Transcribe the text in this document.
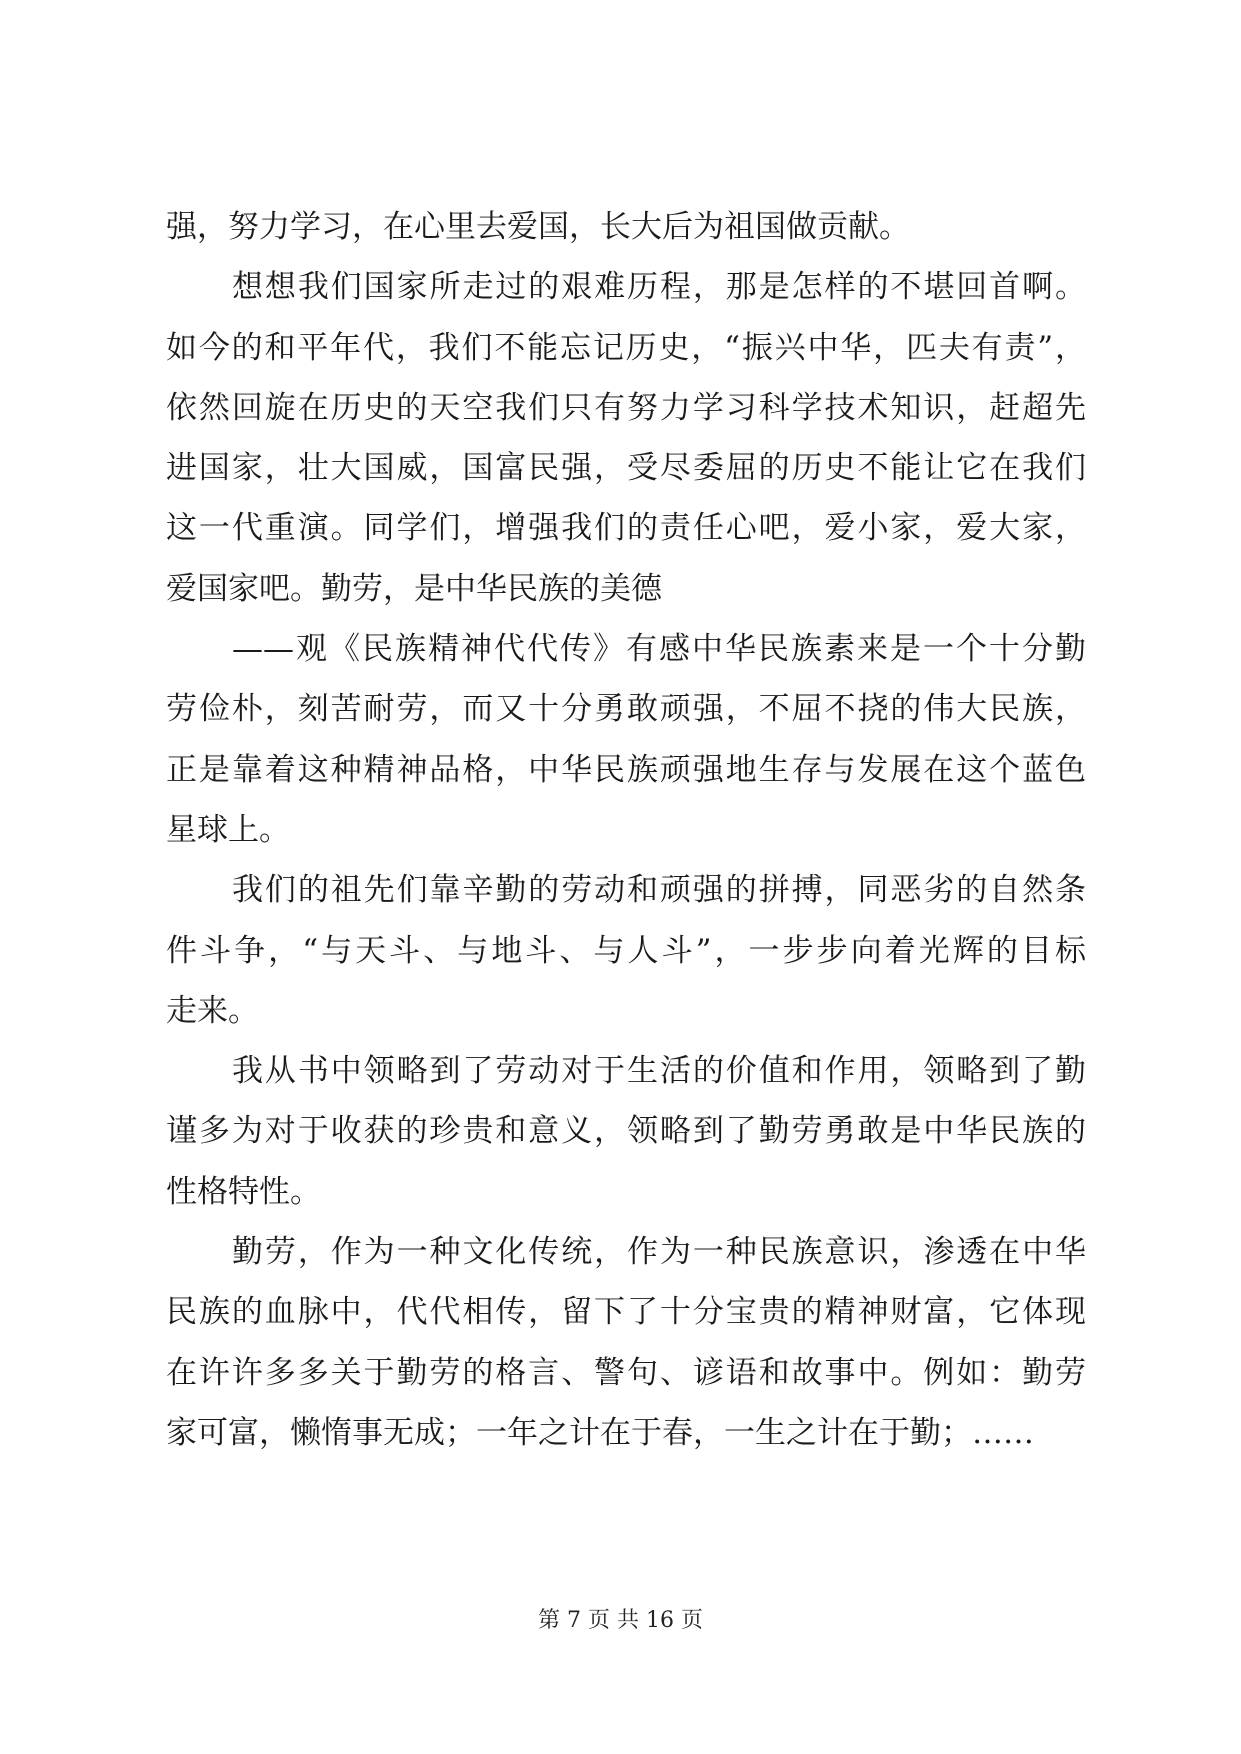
强，努力学习，在心里去爱国，长大后为祖国做贡献。
想想我们国家所走过的艰难历程，那是怎样的不堪回首啊。
如今的和平年代，我们不能忘记历史，“振兴中华，匹夫有责”，
依然回旋在历史的天空我们只有努力学习科学技术知识，赶超先
进国家，壮大国威，国富民强，受尽委屈的历史不能让它在我们
这一代重演。同学们，增强我们的责任心吧，爱小家，爱大家，
爱国家吧。勤劳，是中华民族的美德
——观《民族精神代代传》有感中华民族素来是一个十分勤
劳俭朴，刻苦耐劳，而又十分勇敢顽强，不屈不挠的伟大民族，
正是靠着这种精神品格，中华民族顽强地生存与发展在这个蓝色
星球上。
我们的祖先们靠辛勤的劳动和顽强的拼搏，同恶劣的自然条
件斗争，“与天斗、与地斗、与人斗”，一步步向着光辉的目标
走来。
我从书中领略到了劳动对于生活的价值和作用，领略到了勤
谨多为对于收获的珍贵和意义，领略到了勤劳勇敢是中华民族的
性格特性。
勤劳，作为一种文化传统，作为一种民族意识，渗透在中华
民族的血脉中，代代相传，留下了十分宝贵的精神财富，它体现
在许许多多关于勤劳的格言、警句、谚语和故事中。例如：勤劳
家可富，懒惰事无成；一年之计在于春，一生之计在于勤；……
第 7 页 共 16 页
